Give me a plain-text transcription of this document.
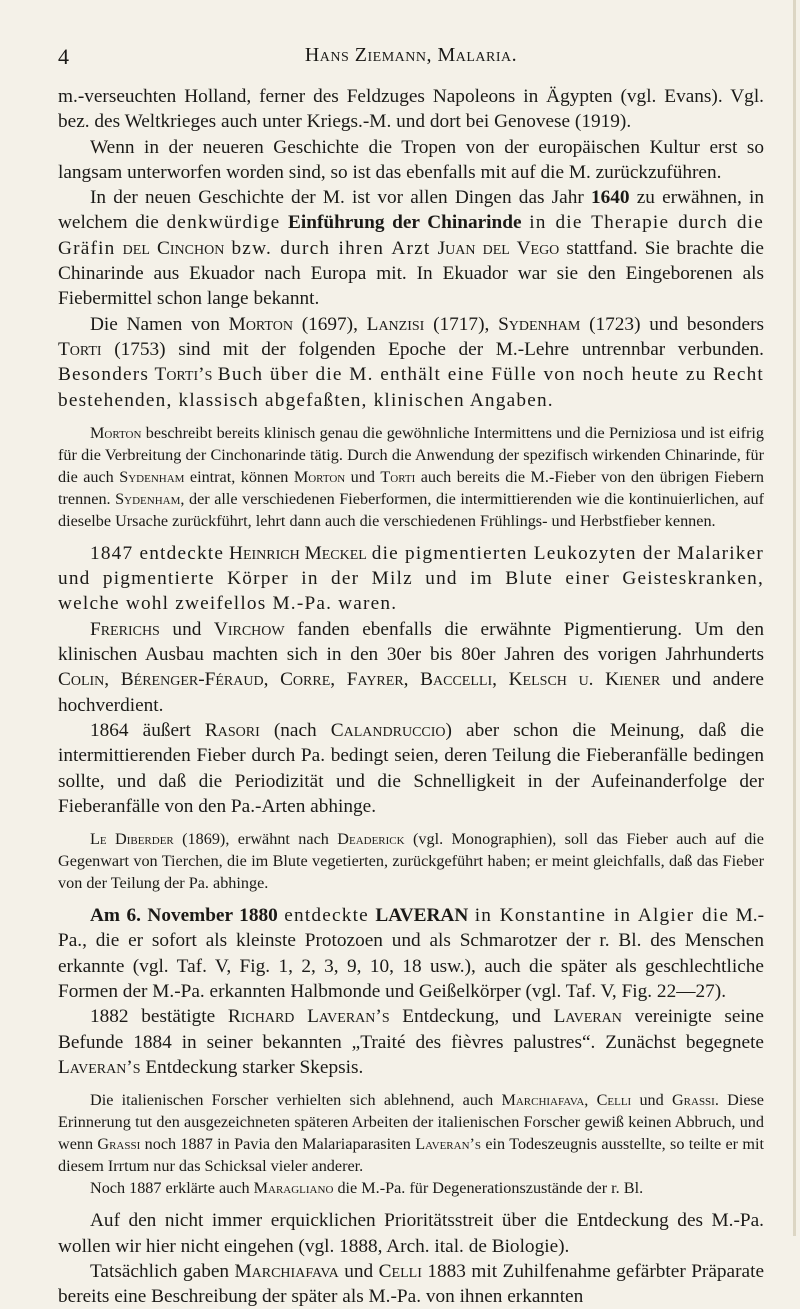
4	Hans Ziemann, Malaria.

m.-verseuchten Holland, ferner des Feldzuges Napoleons in Ägypten (vgl. Evans). Vgl. bez. des Weltkrieges auch unter Kriegs.-M. und dort bei Genovese (1919).

Wenn in der neueren Geschichte die Tropen von der europäischen Kultur erst so langsam unterworfen worden sind, so ist das ebenfalls mit auf die M. zurückzuführen.

In der neuen Geschichte der M. ist vor allen Dingen das Jahr 1640 zu erwähnen, in welchem die denkwürdige Einführung der Chinarinde in die Therapie durch die Gräfin del Cinchon bzw. durch ihren Arzt Juan del Vego stattfand. Sie brachte die Chinarinde aus Ekuador nach Europa mit. In Ekuador war sie den Eingeborenen als Fiebermittel schon lange bekannt.

Die Namen von Morton (1697), Lanzisi (1717), Sydenham (1723) und besonders Torti (1753) sind mit der folgenden Epoche der M.-Lehre untrennbar verbunden. Besonders Torti’s Buch über die M. enthält eine Fülle von noch heute zu Recht bestehenden, klassisch abgefaßten, klinischen Angaben.

Morton beschreibt bereits klinisch genau die gewöhnliche Intermittens und die Perniziosa und ist eifrig für die Verbreitung der Cinchonarinde tätig. Durch die Anwendung der spezifisch wirkenden Chinarinde, für die auch Sydenham eintrat, können Morton und Torti auch bereits die M.-Fieber von den übrigen Fiebern trennen. Sydenham, der alle verschiedenen Fieberformen, die intermittierenden wie die kontinuierlichen, auf dieselbe Ursache zurückführt, lehrt dann auch die verschiedenen Frühlings- und Herbstfieber kennen.

1847 entdeckte Heinrich Meckel die pigmentierten Leukozyten der Malariker und pigmentierte Körper in der Milz und im Blute einer Geisteskranken, welche wohl zweifellos M.-Pa. waren.

Frerichs und Virchow fanden ebenfalls die erwähnte Pigmentierung. Um den klinischen Ausbau machten sich in den 30er bis 80er Jahren des vorigen Jahrhunderts Colin, Bérenger-Féraud, Corre, Fayrer, Baccelli, Kelsch u. Kiener und andere hochverdient.

1864 äußert Rasori (nach Calandruccio) aber schon die Meinung, daß die intermittierenden Fieber durch Pa. bedingt seien, deren Teilung die Fieberanfälle bedingen sollte, und daß die Periodizität und die Schnelligkeit in der Aufeinanderfolge der Fieberanfälle von den Pa.-Arten abhinge.

Le Diberder (1869), erwähnt nach Deaderick (vgl. Monographien), soll das Fieber auch auf die Gegenwart von Tierchen, die im Blute vegetierten, zurückgeführt haben; er meint gleichfalls, daß das Fieber von der Teilung der Pa. abhinge.

Am 6. November 1880 entdeckte LAVERAN in Konstantine in Algier die M.-Pa., die er sofort als kleinste Protozoen und als Schmarotzer der r. Bl. des Menschen erkannte (vgl. Taf. V, Fig. 1, 2, 3, 9, 10, 18 usw.), auch die später als geschlechtliche Formen der M.-Pa. erkannten Halbmonde und Geißelkörper (vgl. Taf. V, Fig. 22—27).

1882 bestätigte Richard Laveran’s Entdeckung, und Laveran vereinigte seine Befunde 1884 in seiner bekannten „Traité des fièvres palustres“. Zunächst begegnete Laveran’s Entdeckung starker Skepsis.

Die italienischen Forscher verhielten sich ablehnend, auch Marchiafava, Celli und Grassi. Diese Erinnerung tut den ausgezeichneten späteren Arbeiten der italienischen Forscher gewiß keinen Abbruch, und wenn Grassi noch 1887 in Pavia den Malariaparasiten Laveran’s ein Todeszeugnis ausstellte, so teilte er mit diesem Irrtum nur das Schicksal vieler anderer.

Noch 1887 erklärte auch Maragliano die M.-Pa. für Degenerationszustände der r. Bl.

Auf den nicht immer erquicklichen Prioritätsstreit über die Entdeckung des M.-Pa. wollen wir hier nicht eingehen (vgl. 1888, Arch. ital. de Biologie).

Tatsächlich gaben Marchiafava und Celli 1883 mit Zuhilfenahme gefärbter Präparate bereits eine Beschreibung der später als M.-Pa. von ihnen erkannten
